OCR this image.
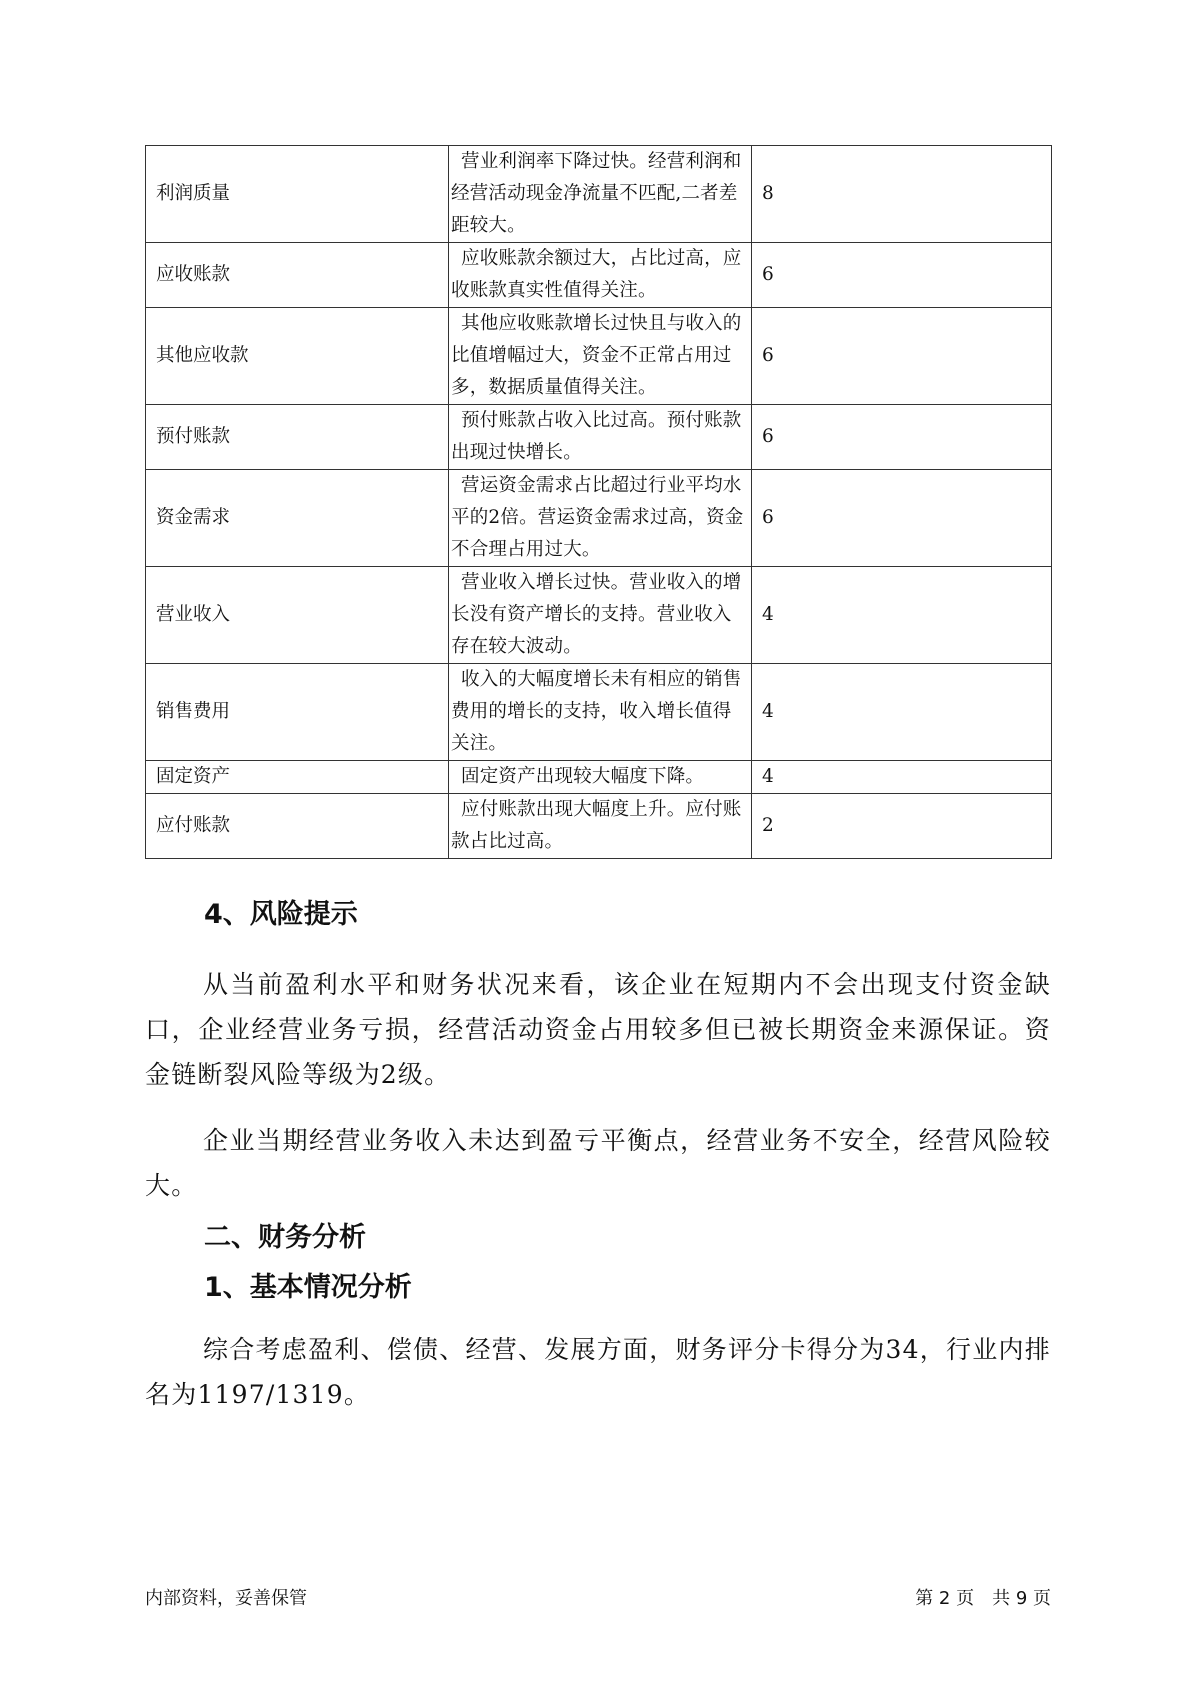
利润质量	营业利润率下降过快。经营利润和经营活动现金净流量不匹配,二者差距较大。	8
应收账款	应收账款余额过大，占比过高，应收账款真实性值得关注。	6
其他应收款	其他应收账款增长过快且与收入的比值增幅过大，资金不正常占用过多，数据质量值得关注。	6
预付账款	预付账款占收入比过高。预付账款出现过快增长。	6
资金需求	营运资金需求占比超过行业平均水平的2倍。营运资金需求过高，资金不合理占用过大。	6
营业收入	营业收入增长过快。营业收入的增长没有资产增长的支持。营业收入存在较大波动。	4
销售费用	收入的大幅度增长未有相应的销售费用的增长的支持，收入增长值得关注。	4
固定资产	固定资产出现较大幅度下降。	4
应付账款	应付账款出现大幅度上升。应付账款占比过高。	2
4、风险提示

从当前盈利水平和财务状况来看，该企业在短期内不会出现支付资金缺口，企业经营业务亏损，经营活动资金占用较多但已被长期资金来源保证。资金链断裂风险等级为2级。

企业当期经营业务收入未达到盈亏平衡点，经营业务不安全，经营风险较大。

二、财务分析
1、基本情况分析

综合考虑盈利、偿债、经营、发展方面，财务评分卡得分为34，行业内排名为1197/1319。

内部资料，妥善保管	第 2 页　共 9 页
